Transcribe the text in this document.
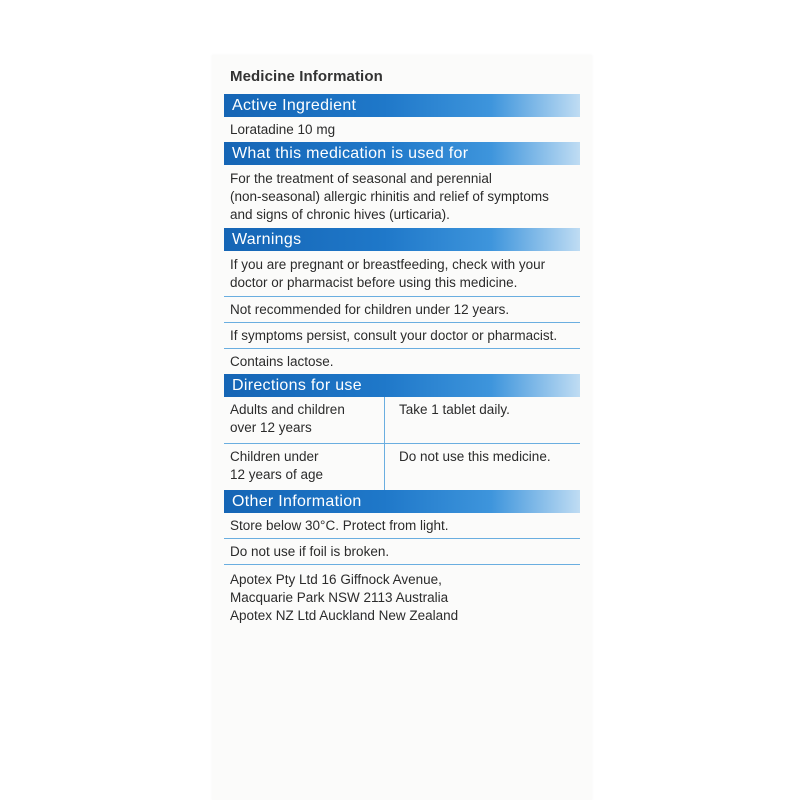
Medicine Information
Active Ingredient
Loratadine 10 mg
What this medication is used for
For the treatment of seasonal and perennial
(non-seasonal) allergic rhinitis and relief of symptoms
and signs of chronic hives (urticaria).
Warnings
If you are pregnant or breastfeeding, check with your
doctor or pharmacist before using this medicine.
Not recommended for children under 12 years.
If symptoms persist, consult your doctor or pharmacist.
Contains lactose.
Directions for use
Adults and children
over 12 years	Take 1 tablet daily.

Children under
12 years of age	Do not use this medicine.
Other Information
Store below 30°C. Protect from light.
Do not use if foil is broken.
Apotex Pty Ltd 16 Giffnock Avenue,
Macquarie Park NSW 2113 Australia
Apotex NZ Ltd Auckland New Zealand
